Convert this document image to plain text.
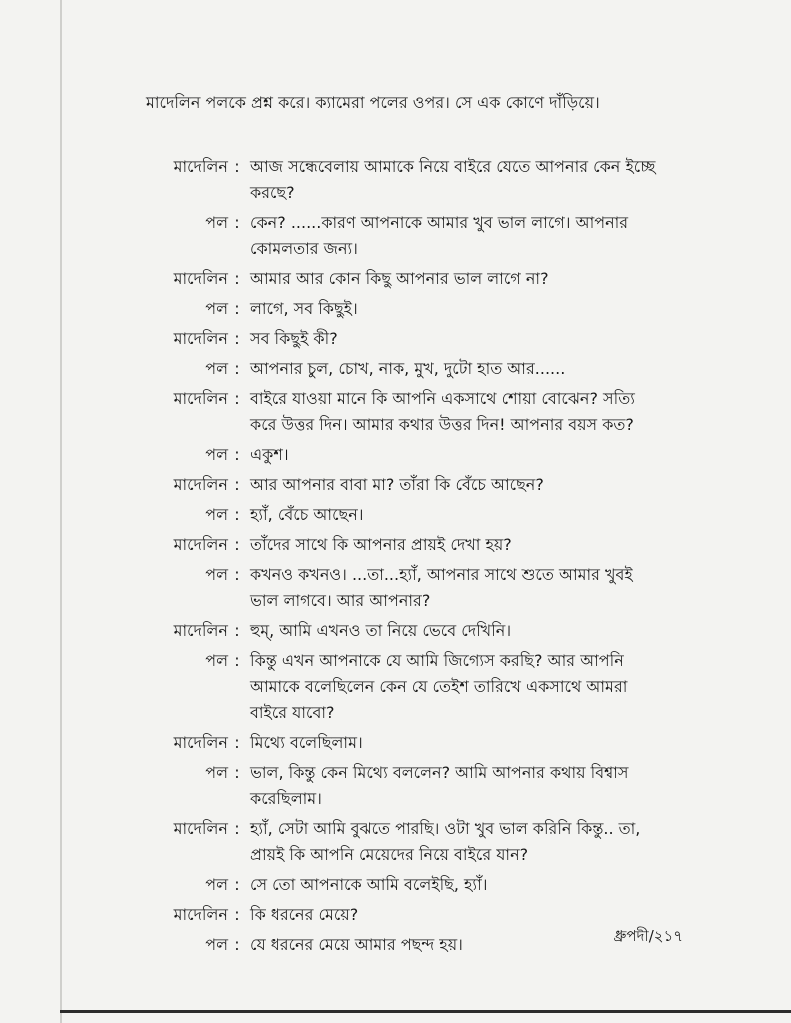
মাদেলিন পলকে প্রশ্ন করে। ক্যামেরা পলের ওপর। সে এক কোণে দাঁড়িয়ে।
মাদেলিন : আজ সন্ধেবেলায় আমাকে নিয়ে বাইরে যেতে আপনার কেন ইচ্ছে করছে?
পল : কেন? ......কারণ আপনাকে আমার খুব ভাল লাগে। আপনার কোমলতার জন্য।
মাদেলিন : আমার আর কোন কিছু আপনার ভাল লাগে না?
পল : লাগে, সব কিছুই।
মাদেলিন : সব কিছুই কী?
পল : আপনার চুল, চোখ, নাক, মুখ, দুটো হাত আর......
মাদেলিন : বাইরে যাওয়া মানে কি আপনি একসাথে শোয়া বোঝেন? সত্যি করে উত্তর দিন। আমার কথার উত্তর দিন! আপনার বয়স কত?
পল : একুশ।
মাদেলিন : আর আপনার বাবা মা? তাঁরা কি বেঁচে আছেন?
পল : হ্যাঁ, বেঁচে আছেন।
মাদেলিন : তাঁদের সাথে কি আপনার প্রায়ই দেখা হয়?
পল : কখনও কখনও। ...তা...হ্যাঁ, আপনার সাথে শুতে আমার খুবই ভাল লাগবে। আর আপনার?
মাদেলিন : হুম্, আমি এখনও তা নিয়ে ভেবে দেখিনি।
পল : কিন্তু এখন আপনাকে যে আমি জিগ্যেস করছি? আর আপনি আমাকে বলেছিলেন কেন যে তেইশ তারিখে একসাথে আমরা বাইরে যাবো?
মাদেলিন : মিথ্যে বলেছিলাম।
পল : ভাল, কিন্তু কেন মিথ্যে বললেন? আমি আপনার কথায় বিশ্বাস করেছিলাম।
মাদেলিন : হ্যাঁ, সেটা আমি বুঝতে পারছি। ওটা খুব ভাল করিনি কিন্তু.. তা, প্রায়ই কি আপনি মেয়েদের নিয়ে বাইরে যান?
পল : সে তো আপনাকে আমি বলেইছি, হ্যাঁ।
মাদেলিন : কি ধরনের মেয়ে?
পল : যে ধরনের মেয়ে আমার পছন্দ হয়।	ধ্রুপদী/২১৭
